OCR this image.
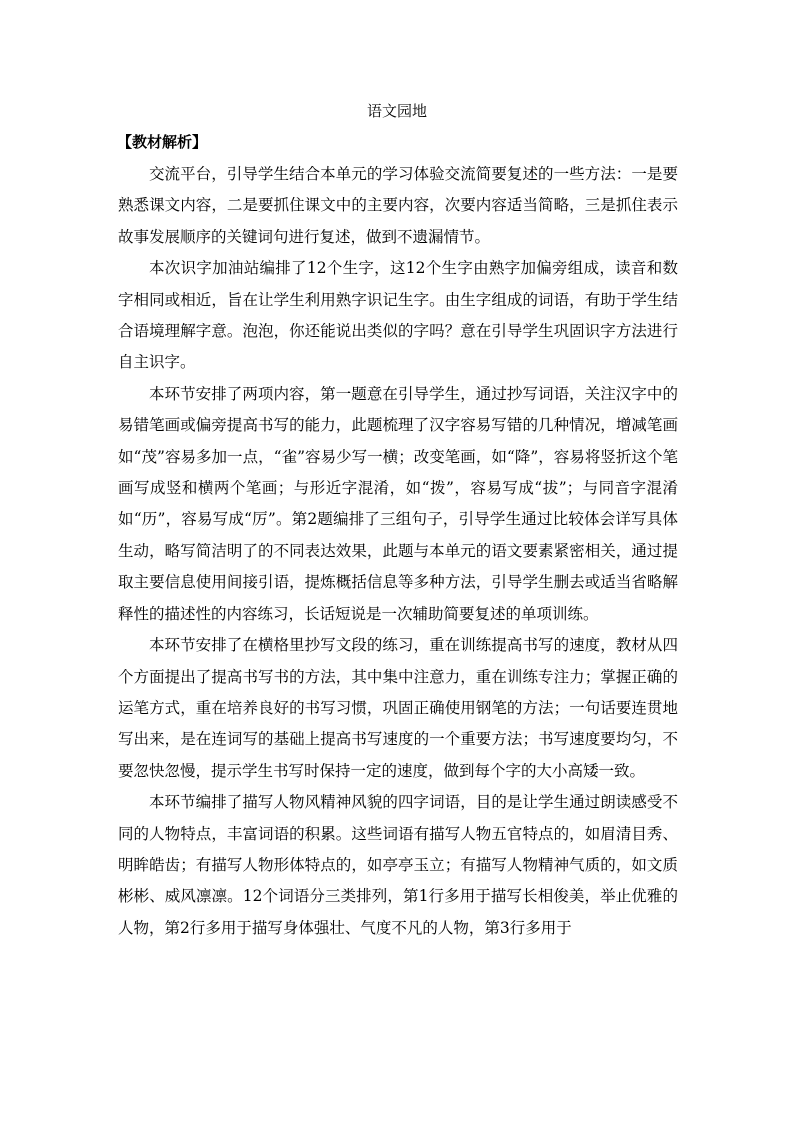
语文园地
【教材解析】

交流平台，引导学生结合本单元的学习体验交流简要复述的一些方法：一是要熟悉课文内容，二是要抓住课文中的主要内容，次要内容适当简略，三是抓住表示故事发展顺序的关键词句进行复述，做到不遗漏情节。

本次识字加油站编排了12个生字，这12个生字由熟字加偏旁组成，读音和数字相同或相近，旨在让学生利用熟字识记生字。由生字组成的词语，有助于学生结合语境理解字意。泡泡，你还能说出类似的字吗？意在引导学生巩固识字方法进行自主识字。

本环节安排了两项内容，第一题意在引导学生，通过抄写词语，关注汉字中的易错笔画或偏旁提高书写的能力，此题梳理了汉字容易写错的几种情况，增减笔画如“茂”容易多加一点，“雀”容易少写一横；改变笔画，如“降”，容易将竖折这个笔画写成竖和横两个笔画；与形近字混淆，如“拨”，容易写成“拔”；与同音字混淆如“历”，容易写成“厉”。第2题编排了三组句子，引导学生通过比较体会详写具体生动，略写简洁明了的不同表达效果，此题与本单元的语文要素紧密相关，通过提取主要信息使用间接引语，提炼概括信息等多种方法，引导学生删去或适当省略解释性的描述性的内容练习，长话短说是一次辅助简要复述的单项训练。

本环节安排了在横格里抄写文段的练习，重在训练提高书写的速度，教材从四个方面提出了提高书写书的方法，其中集中注意力，重在训练专注力；掌握正确的运笔方式，重在培养良好的书写习惯，巩固正确使用钢笔的方法；一句话要连贯地写出来，是在连词写的基础上提高书写速度的一个重要方法；书写速度要均匀，不要忽快忽慢，提示学生书写时保持一定的速度，做到每个字的大小高矮一致。

本环节编排了描写人物风精神风貌的四字词语，目的是让学生通过朗读感受不同的人物特点，丰富词语的积累。这些词语有描写人物五官特点的，如眉清目秀、明眸皓齿；有描写人物形体特点的，如亭亭玉立；有描写人物精神气质的，如文质彬彬、威风凛凛。12个词语分三类排列，第1行多用于描写长相俊美，举止优雅的人物，第2行多用于描写身体强壮、气度不凡的人物，第3行多用于
